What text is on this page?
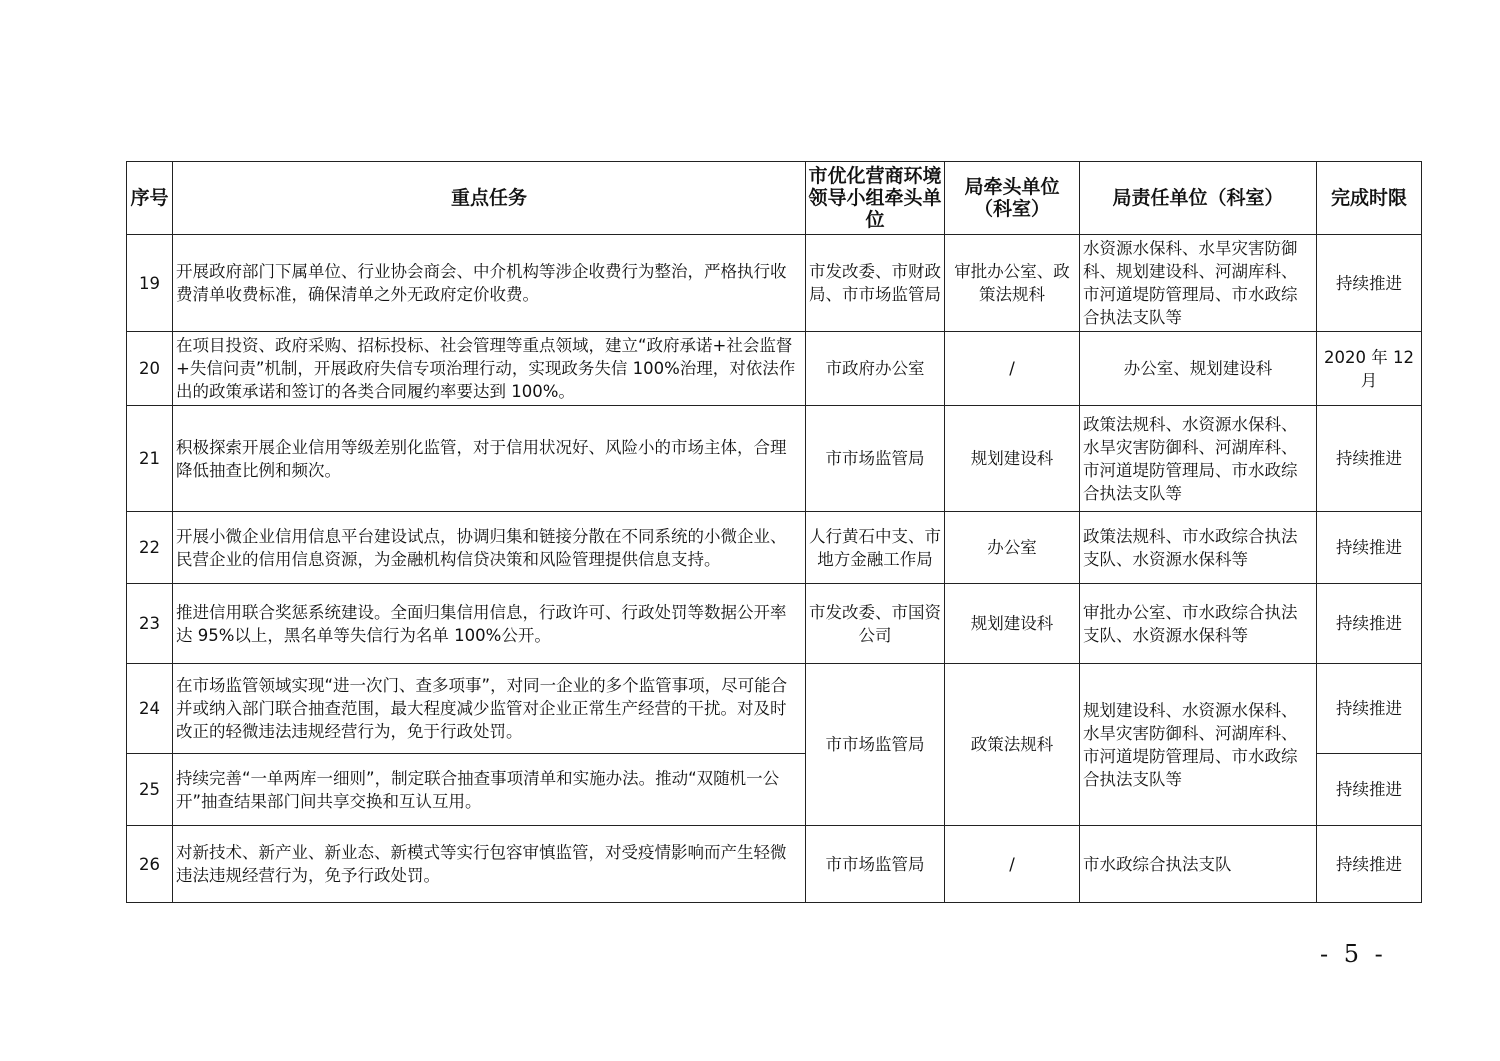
序号	重点任务	市优化营商环境领导小组牵头单位	局牵头单位（科室）	局责任单位（科室）	完成时限
19	开展政府部门下属单位、行业协会商会、中介机构等涉企收费行为整治，严格执行收费清单收费标准，确保清单之外无政府定价收费。	市发改委、市财政局、市市场监管局	审批办公室、政策法规科	水资源水保科、水旱灾害防御科、规划建设科、河湖库科、市河道堤防管理局、市水政综合执法支队等	持续推进
20	在项目投资、政府采购、招标投标、社会管理等重点领域，建立“政府承诺+社会监督+失信问责”机制，开展政府失信专项治理行动，实现政务失信 100%治理，对依法作出的政策承诺和签订的各类合同履约率要达到 100%。	市政府办公室	/	办公室、规划建设科	2020 年 12 月
21	积极探索开展企业信用等级差别化监管，对于信用状况好、风险小的市场主体，合理降低抽查比例和频次。	市市场监管局	规划建设科	政策法规科、水资源水保科、水旱灾害防御科、河湖库科、市河道堤防管理局、市水政综合执法支队等	持续推进
22	开展小微企业信用信息平台建设试点，协调归集和链接分散在不同系统的小微企业、民营企业的信用信息资源，为金融机构信贷决策和风险管理提供信息支持。	人行黄石中支、市地方金融工作局	办公室	政策法规科、市水政综合执法支队、水资源水保科等	持续推进
23	推进信用联合奖惩系统建设。全面归集信用信息，行政许可、行政处罚等数据公开率达 95%以上，黑名单等失信行为名单 100%公开。	市发改委、市国资公司	规划建设科	审批办公室、市水政综合执法支队、水资源水保科等	持续推进
24	在市场监管领域实现“进一次门、查多项事”，对同一企业的多个监管事项，尽可能合并或纳入部门联合抽查范围，最大程度减少监管对企业正常生产经营的干扰。对及时改正的轻微违法违规经营行为，免于行政处罚。	市市场监管局	政策法规科	规划建设科、水资源水保科、水旱灾害防御科、河湖库科、市河道堤防管理局、市水政综合执法支队等	持续推进
25	持续完善“一单两库一细则”，制定联合抽查事项清单和实施办法。推动“双随机一公开”抽查结果部门间共享交换和互认互用。				持续推进
26	对新技术、新产业、新业态、新模式等实行包容审慎监管，对受疫情影响而产生轻微违法违规经营行为，免予行政处罚。	市市场监管局	/	市水政综合执法支队	持续推进
- 5 -
